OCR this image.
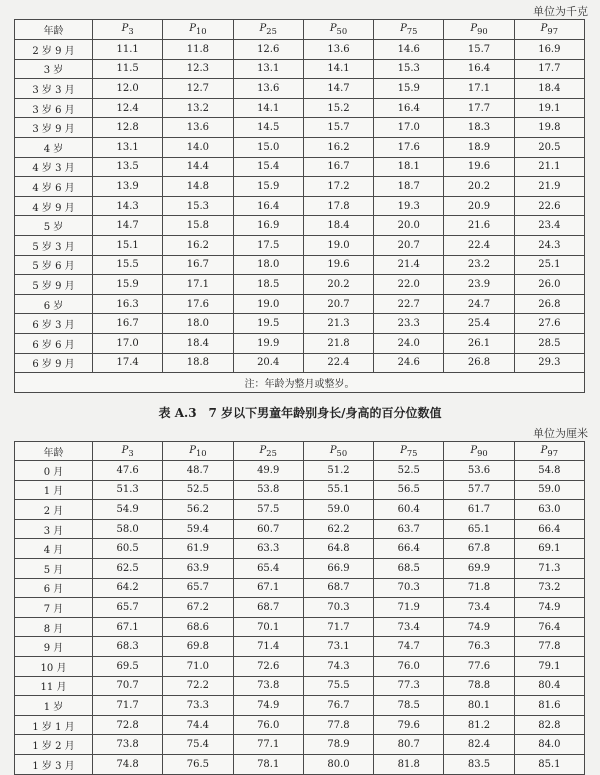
单位为千克
年龄	$P_3$	$P_{10}$	$P_{25}$	$P_{50}$	$P_{75}$	$P_{90}$	$P_{97}$
2 岁 9 月	11.1	11.8	12.6	13.6	14.6	15.7	16.9
3 岁	11.5	12.3	13.1	14.1	15.3	16.4	17.7
3 岁 3 月	12.0	12.7	13.6	14.7	15.9	17.1	18.4
3 岁 6 月	12.4	13.2	14.1	15.2	16.4	17.7	19.1
3 岁 9 月	12.8	13.6	14.5	15.7	17.0	18.3	19.8
4 岁	13.1	14.0	15.0	16.2	17.6	18.9	20.5
4 岁 3 月	13.5	14.4	15.4	16.7	18.1	19.6	21.1
4 岁 6 月	13.9	14.8	15.9	17.2	18.7	20.2	21.9
4 岁 9 月	14.3	15.3	16.4	17.8	19.3	20.9	22.6
5 岁	14.7	15.8	16.9	18.4	20.0	21.6	23.4
5 岁 3 月	15.1	16.2	17.5	19.0	20.7	22.4	24.3
5 岁 6 月	15.5	16.7	18.0	19.6	21.4	23.2	25.1
5 岁 9 月	15.9	17.1	18.5	20.2	22.0	23.9	26.0
6 岁	16.3	17.6	19.0	20.7	22.7	24.7	26.8
6 岁 3 月	16.7	18.0	19.5	21.3	23.3	25.4	27.6
6 岁 6 月	17.0	18.4	19.9	21.8	24.0	26.1	28.5
6 岁 9 月	17.4	18.8	20.4	22.4	24.6	26.8	29.3
注：年龄为整月或整岁。							
表 A.3　7 岁以下男童年龄别身长/身高的百分位数值
单位为厘米
年龄	$P_3$	$P_{10}$	$P_{25}$	$P_{50}$	$P_{75}$	$P_{90}$	$P_{97}$
0 月	47.6	48.7	49.9	51.2	52.5	53.6	54.8
1 月	51.3	52.5	53.8	55.1	56.5	57.7	59.0
2 月	54.9	56.2	57.5	59.0	60.4	61.7	63.0
3 月	58.0	59.4	60.7	62.2	63.7	65.1	66.4
4 月	60.5	61.9	63.3	64.8	66.4	67.8	69.1
5 月	62.5	63.9	65.4	66.9	68.5	69.9	71.3
6 月	64.2	65.7	67.1	68.7	70.3	71.8	73.2
7 月	65.7	67.2	68.7	70.3	71.9	73.4	74.9
8 月	67.1	68.6	70.1	71.7	73.4	74.9	76.4
9 月	68.3	69.8	71.4	73.1	74.7	76.3	77.8
10 月	69.5	71.0	72.6	74.3	76.0	77.6	79.1
11 月	70.7	72.2	73.8	75.5	77.3	78.8	80.4
1 岁	71.7	73.3	74.9	76.7	78.5	80.1	81.6
1 岁 1 月	72.8	74.4	76.0	77.8	79.6	81.2	82.8
1 岁 2 月	73.8	75.4	77.1	78.9	80.7	82.4	84.0
1 岁 3 月	74.8	76.5	78.1	80.0	81.8	83.5	85.1
